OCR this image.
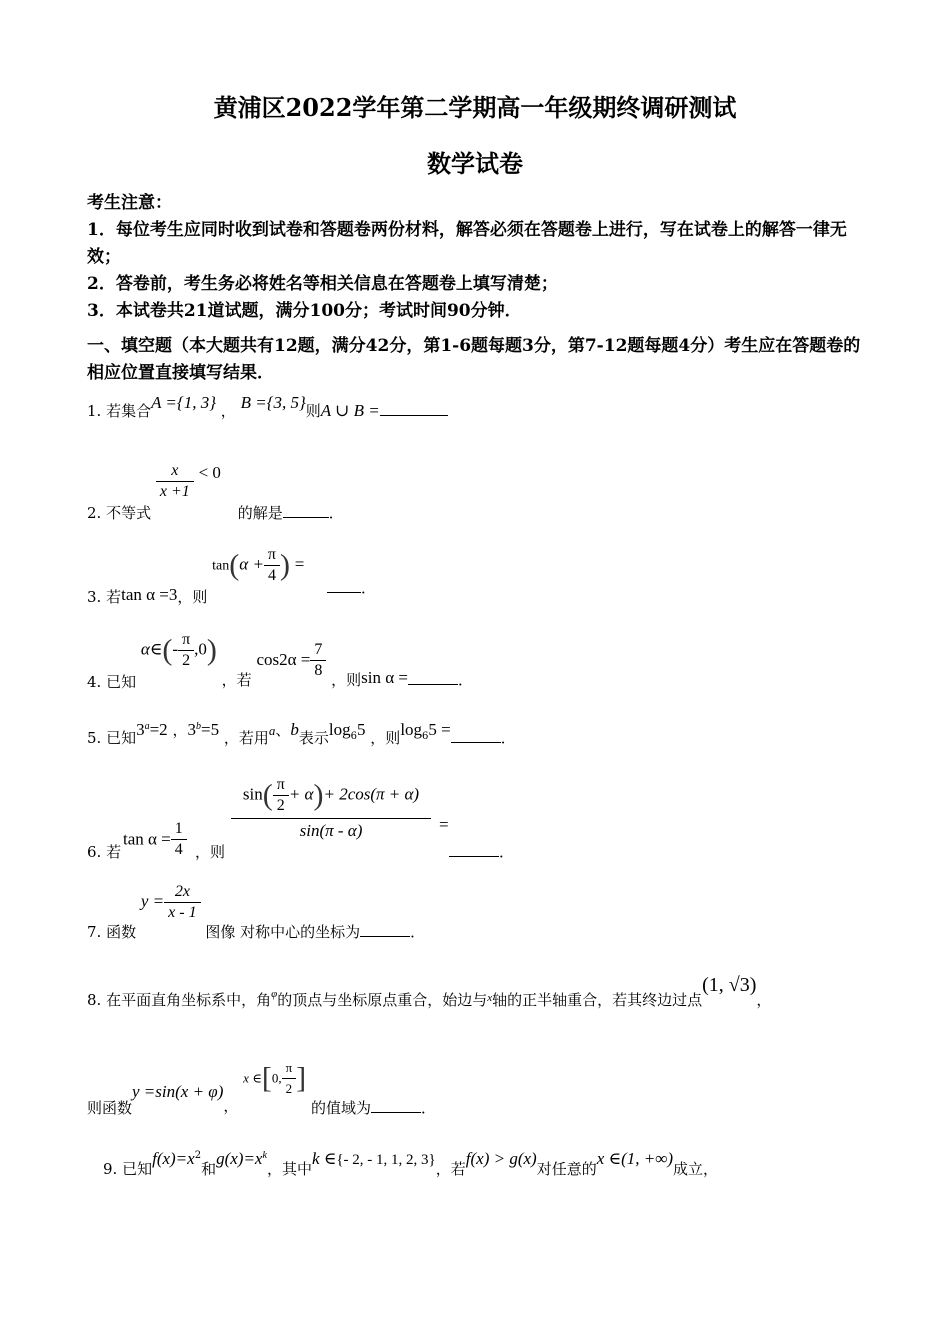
黄浦区2022学年第二学期高一年级期终调研测试
数学试卷
考生注意：
1．每位考生应同时收到试卷和答题卷两份材料，解答必须在答题卷上进行，写在试卷上的解答一律无效；
2．答卷前，考生务必将姓名等相关信息在答题卷上填写清楚；
3．本试卷共21道试题，满分100分；考试时间90分钟．
一、填空题（本大题共有12题，满分42分，第1-6题每题3分，第7-12题每题4分）考生应在答题卷的相应位置直接填写结果．
1. 若集合A ={1, 3} ， B ={3, 5}则A ∪ B =
2. 不等式
$\frac{x}{x +1} < 0$ 的解是	．
3. 若tan α =3，则 $\tan(\alpha + \frac{\pi}{4}$ ) =
．
4. 已知 α∈(- $\frac{\pi}{2} ,0$) ，若 $\cos 2\alpha = \frac{7}{8}$ ，则sin α =	．
5. 已知$3^a=2$ ，$3^b=5$ ，若用a、b表示$\log_65$ ，则$\log_65$ =	．
6. 若
$\tan \alpha = \frac{1}{4}$ ，则
$\sin( \frac{\pi}{2} + \alpha)+ 2\cos(\pi + \alpha)$
sin(π - α)	=
．
7. 函数 $y = \frac{2x}{x - 1}$
图像 对称中心的坐标为	．
8. 在平面直角坐标系中，角$^\varphi$的顶点与坐标原点重合，始边与$^x$轴的正半轴重合，若其终边过点(1, √3)，
则函数y =sin(x + φ)， x ∈[0, $\frac{\pi}{2}$ ] 的值域为	．
9. 已知$f(x)=x^2$和$g(x)=x^k$，其中k ∈{- 2, - 1, 1, 2, 3}，若f(x) > g(x)对任意的x ∈(1, +∞)成立，
